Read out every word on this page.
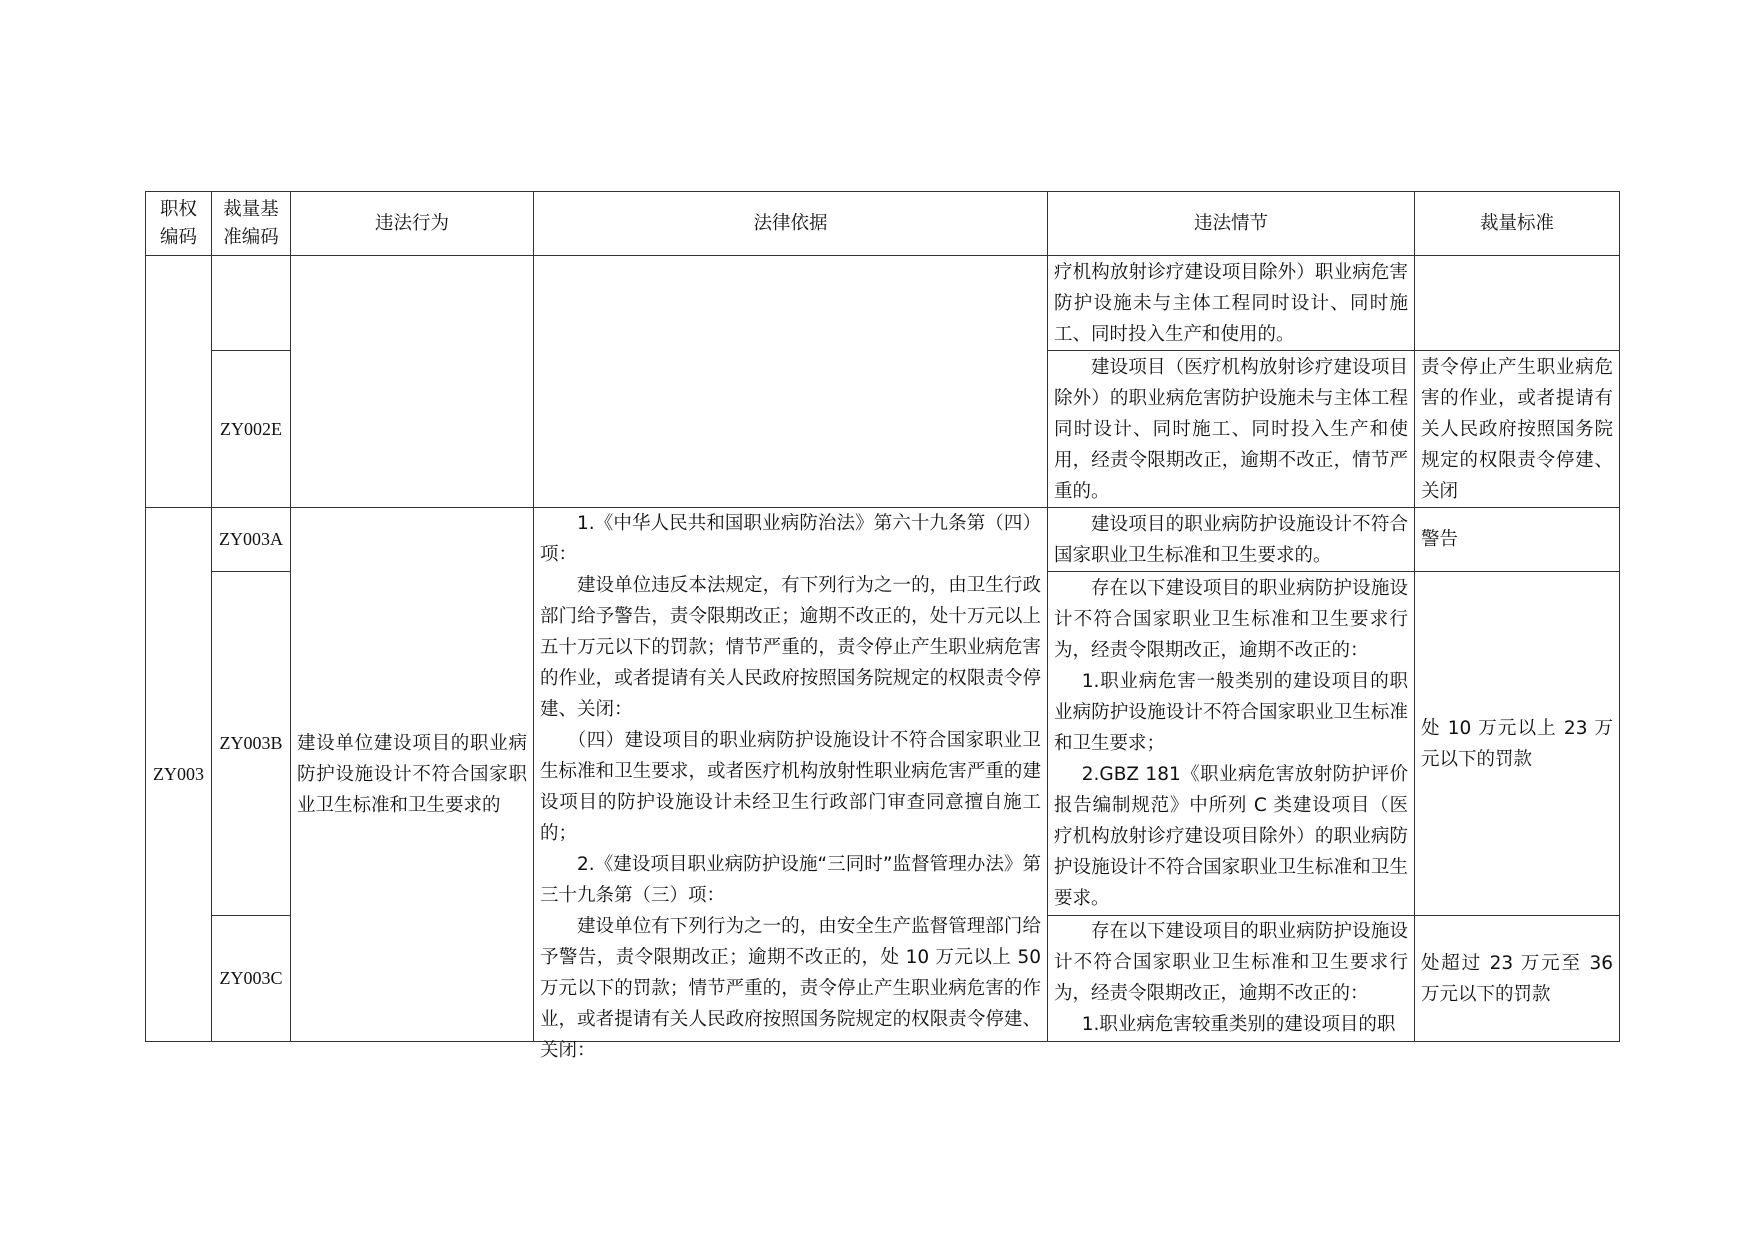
职权编码	裁量基准编码	违法行为	法律依据	违法情节	裁量标准

				疗机构放射诊疗建设项目除外）职业病危害防护设施未与主体工程同时设计、同时施工、同时投入生产和使用的。	

	ZY002E			建设项目（医疗机构放射诊疗建设项目除外）的职业病危害防护设施未与主体工程同时设计、同时施工、同时投入生产和使用，经责令限期改正，逾期不改正，情节严重的。	责令停止产生职业病危害的作业，或者提请有关人民政府按照国务院规定的权限责令停建、关闭

ZY003	ZY003A	建设单位建设项目的职业病防护设施设计不符合国家职业卫生标准和卫生要求的	1.《中华人民共和国职业病防治法》第六十九条第（四）项：

建设单位违反本法规定，有下列行为之一的，由卫生行政部门给予警告，责令限期改正；逾期不改正的，处十万元以上五十万元以下的罚款；情节严重的，责令停止产生职业病危害的作业，或者提请有关人民政府按照国务院规定的权限责令停建、关闭：

（四）建设项目的职业病防护设施设计不符合国家职业卫生标准和卫生要求，或者医疗机构放射性职业病危害严重的建设项目的防护设施设计未经卫生行政部门审查同意擅自施工的；

2.《建设项目职业病防护设施“三同时”监督管理办法》第三十九条第（三）项：

建设单位有下列行为之一的，由安全生产监督管理部门给予警告，责令限期改正；逾期不改正的，处 10 万元以上 50 万元以下的罚款；情节严重的，责令停止产生职业病危害的作业，或者提请有关人民政府按照国务院规定的权限责令停建、关闭：	建设项目的职业病防护设施设计不符合国家职业卫生标准和卫生要求的。	警告
	ZY003B			存在以下建设项目的职业病防护设施设计不符合国家职业卫生标准和卫生要求行为，经责令限期改正，逾期不改正的：

1.职业病危害一般类别的建设项目的职业病防护设施设计不符合国家职业卫生标准和卫生要求；

2.GBZ 181《职业病危害放射防护评价报告编制规范》中所列 C 类建设项目（医疗机构放射诊疗建设项目除外）的职业病防护设施设计不符合国家职业卫生标准和卫生要求。	处 10 万元以上 23 万元以下的罚款

	ZY003C			存在以下建设项目的职业病防护设施设计不符合国家职业卫生标准和卫生要求行为，经责令限期改正，逾期不改正的：

1.职业病危害较重类别的建设项目的职	处超过 23 万元至 36 万元以下的罚款
